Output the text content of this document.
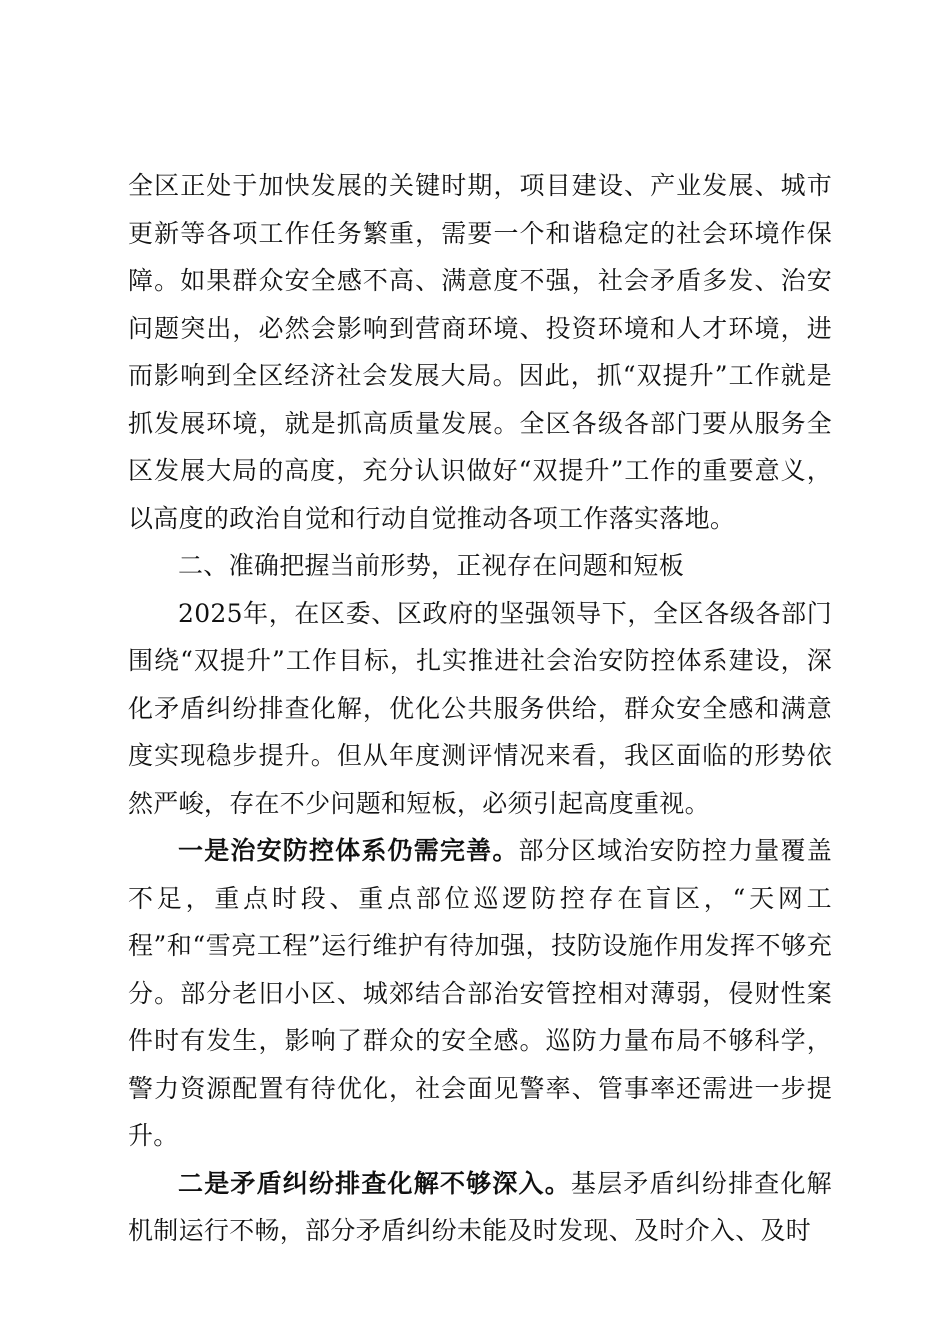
全区正处于加快发展的关键时期，项目建设、产业发展、城市更新等各项工作任务繁重，需要一个和谐稳定的社会环境作保障。如果群众安全感不高、满意度不强，社会矛盾多发、治安问题突出，必然会影响到营商环境、投资环境和人才环境，进而影响到全区经济社会发展大局。因此，抓“双提升”工作就是抓发展环境，就是抓高质量发展。全区各级各部门要从服务全区发展大局的高度，充分认识做好“双提升”工作的重要意义，以高度的政治自觉和行动自觉推动各项工作落实落地。

二、准确把握当前形势，正视存在问题和短板

2025年，在区委、区政府的坚强领导下，全区各级各部门围绕“双提升”工作目标，扎实推进社会治安防控体系建设，深化矛盾纠纷排查化解，优化公共服务供给，群众安全感和满意度实现稳步提升。但从年度测评情况来看，我区面临的形势依然严峻，存在不少问题和短板，必须引起高度重视。

一是治安防控体系仍需完善。部分区域治安防控力量覆盖不足，重点时段、重点部位巡逻防控存在盲区，“天网工程”和“雪亮工程”运行维护有待加强，技防设施作用发挥不够充分。部分老旧小区、城郊结合部治安管控相对薄弱，侵财性案件时有发生，影响了群众的安全感。巡防力量布局不够科学，警力资源配置有待优化，社会面见警率、管事率还需进一步提升。

二是矛盾纠纷排查化解不够深入。基层矛盾纠纷排查化解机制运行不畅，部分矛盾纠纷未能及时发现、及时介入、及时
